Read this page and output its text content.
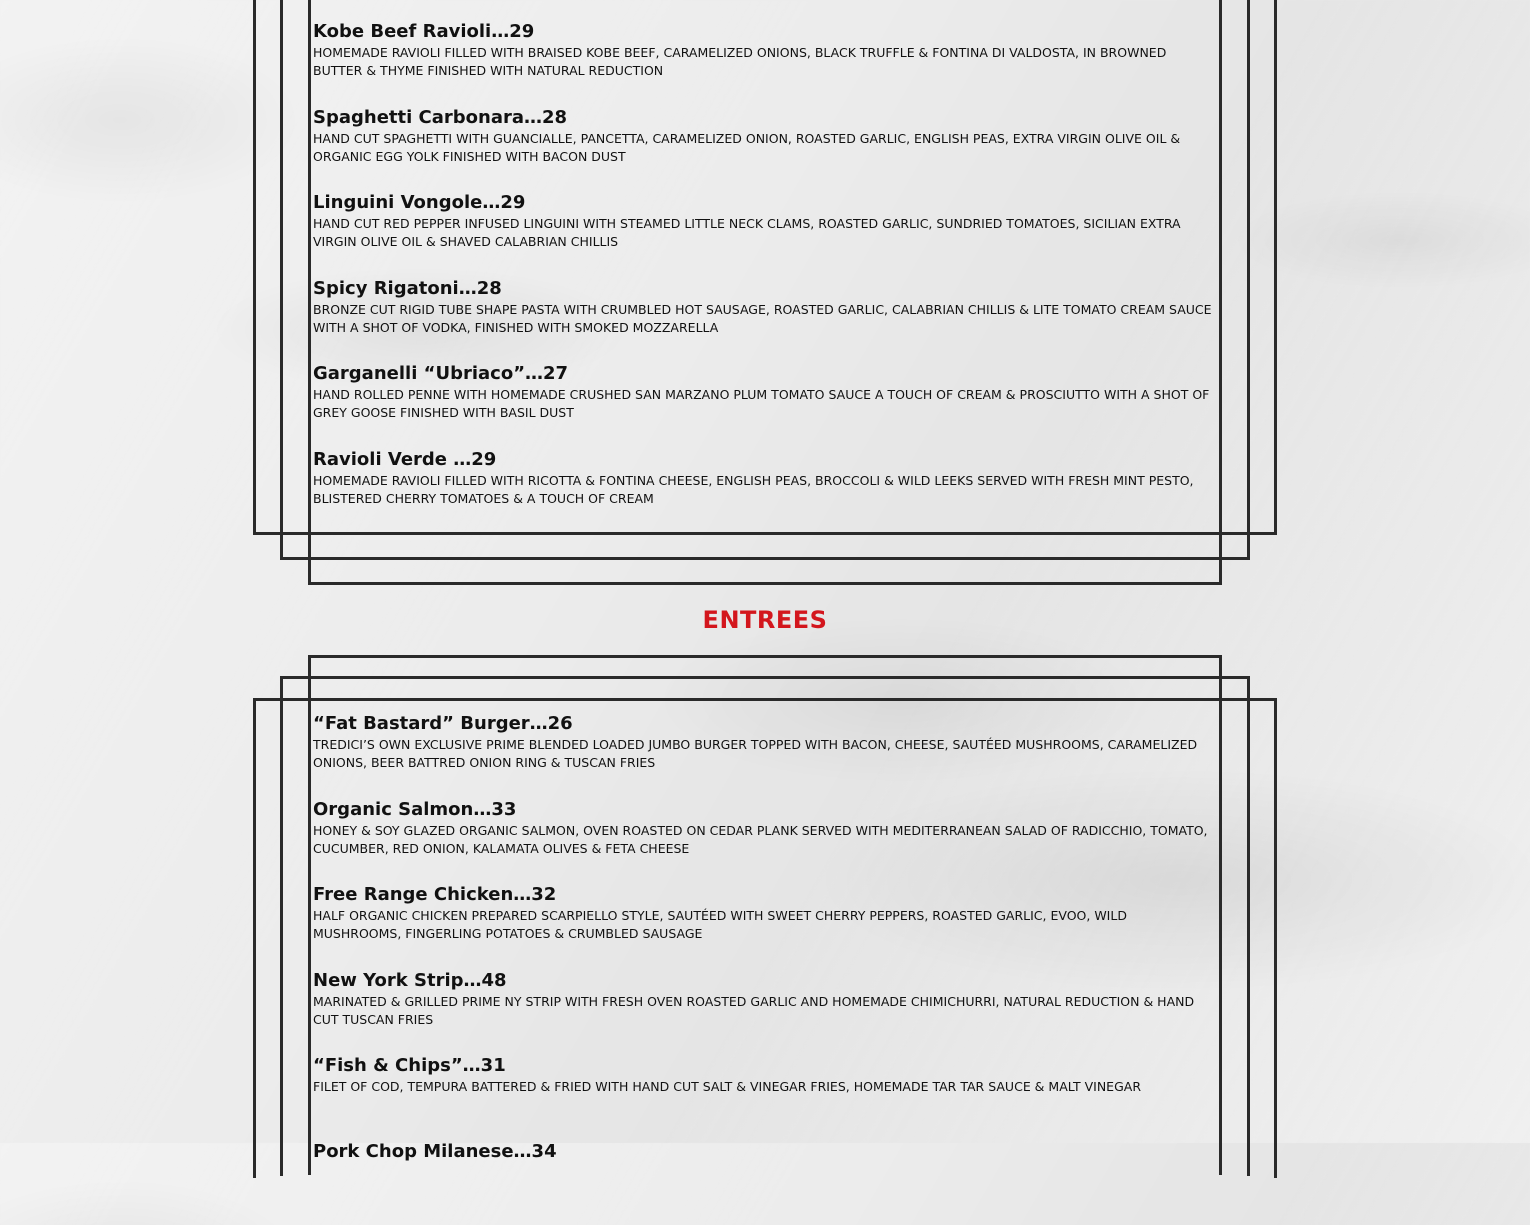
Kobe Beef Ravioli…29
HOMEMADE RAVIOLI FILLED WITH BRAISED KOBE BEEF, CARAMELIZED ONIONS, BLACK TRUFFLE & FONTINA DI VALDOSTA, IN BROWNED BUTTER & THYME FINISHED WITH NATURAL REDUCTION
Spaghetti Carbonara…28
HAND CUT SPAGHETTI WITH GUANCIALLE, PANCETTA, CARAMELIZED ONION, ROASTED GARLIC, ENGLISH PEAS, EXTRA VIRGIN OLIVE OIL & ORGANIC EGG YOLK FINISHED WITH BACON DUST
Linguini Vongole…29
HAND CUT RED PEPPER INFUSED LINGUINI WITH STEAMED LITTLE NECK CLAMS, ROASTED GARLIC, SUNDRIED TOMATOES, SICILIAN EXTRA VIRGIN OLIVE OIL & SHAVED CALABRIAN CHILLIS
Spicy Rigatoni…28
BRONZE CUT RIGID TUBE SHAPE PASTA WITH CRUMBLED HOT SAUSAGE, ROASTED GARLIC, CALABRIAN CHILLIS & LITE TOMATO CREAM SAUCE WITH A SHOT OF VODKA, FINISHED WITH SMOKED MOZZARELLA
Garganelli “Ubriaco”…27
HAND ROLLED PENNE WITH HOMEMADE CRUSHED SAN MARZANO PLUM TOMATO SAUCE A TOUCH OF CREAM & PROSCIUTTO WITH A SHOT OF GREY GOOSE FINISHED WITH BASIL DUST
Ravioli Verde …29
HOMEMADE RAVIOLI FILLED WITH RICOTTA & FONTINA CHEESE, ENGLISH PEAS, BROCCOLI & WILD LEEKS SERVED WITH FRESH MINT PESTO, BLISTERED CHERRY TOMATOES & A TOUCH OF CREAM
ENTREES
“Fat Bastard” Burger…26
TREDICI’S OWN EXCLUSIVE PRIME BLENDED LOADED JUMBO BURGER TOPPED WITH BACON, CHEESE, SAUTÉED MUSHROOMS, CARAMELIZED ONIONS, BEER BATTRED ONION RING & TUSCAN FRIES
Organic Salmon…33
HONEY & SOY GLAZED ORGANIC SALMON, OVEN ROASTED ON CEDAR PLANK SERVED WITH MEDITERRANEAN SALAD OF RADICCHIO, TOMATO, CUCUMBER, RED ONION, KALAMATA OLIVES & FETA CHEESE
Free Range Chicken…32
HALF ORGANIC CHICKEN PREPARED SCARPIELLO STYLE, SAUTÉED WITH SWEET CHERRY PEPPERS, ROASTED GARLIC, EVOO, WILD MUSHROOMS, FINGERLING POTATOES & CRUMBLED SAUSAGE
New York Strip…48
MARINATED & GRILLED PRIME NY STRIP WITH FRESH OVEN ROASTED GARLIC AND HOMEMADE CHIMICHURRI, NATURAL REDUCTION & HAND CUT TUSCAN FRIES
“Fish & Chips”…31
FILET OF COD, TEMPURA BATTERED & FRIED WITH HAND CUT SALT & VINEGAR FRIES, HOMEMADE TAR TAR SAUCE & MALT VINEGAR
Pork Chop Milanese…34
